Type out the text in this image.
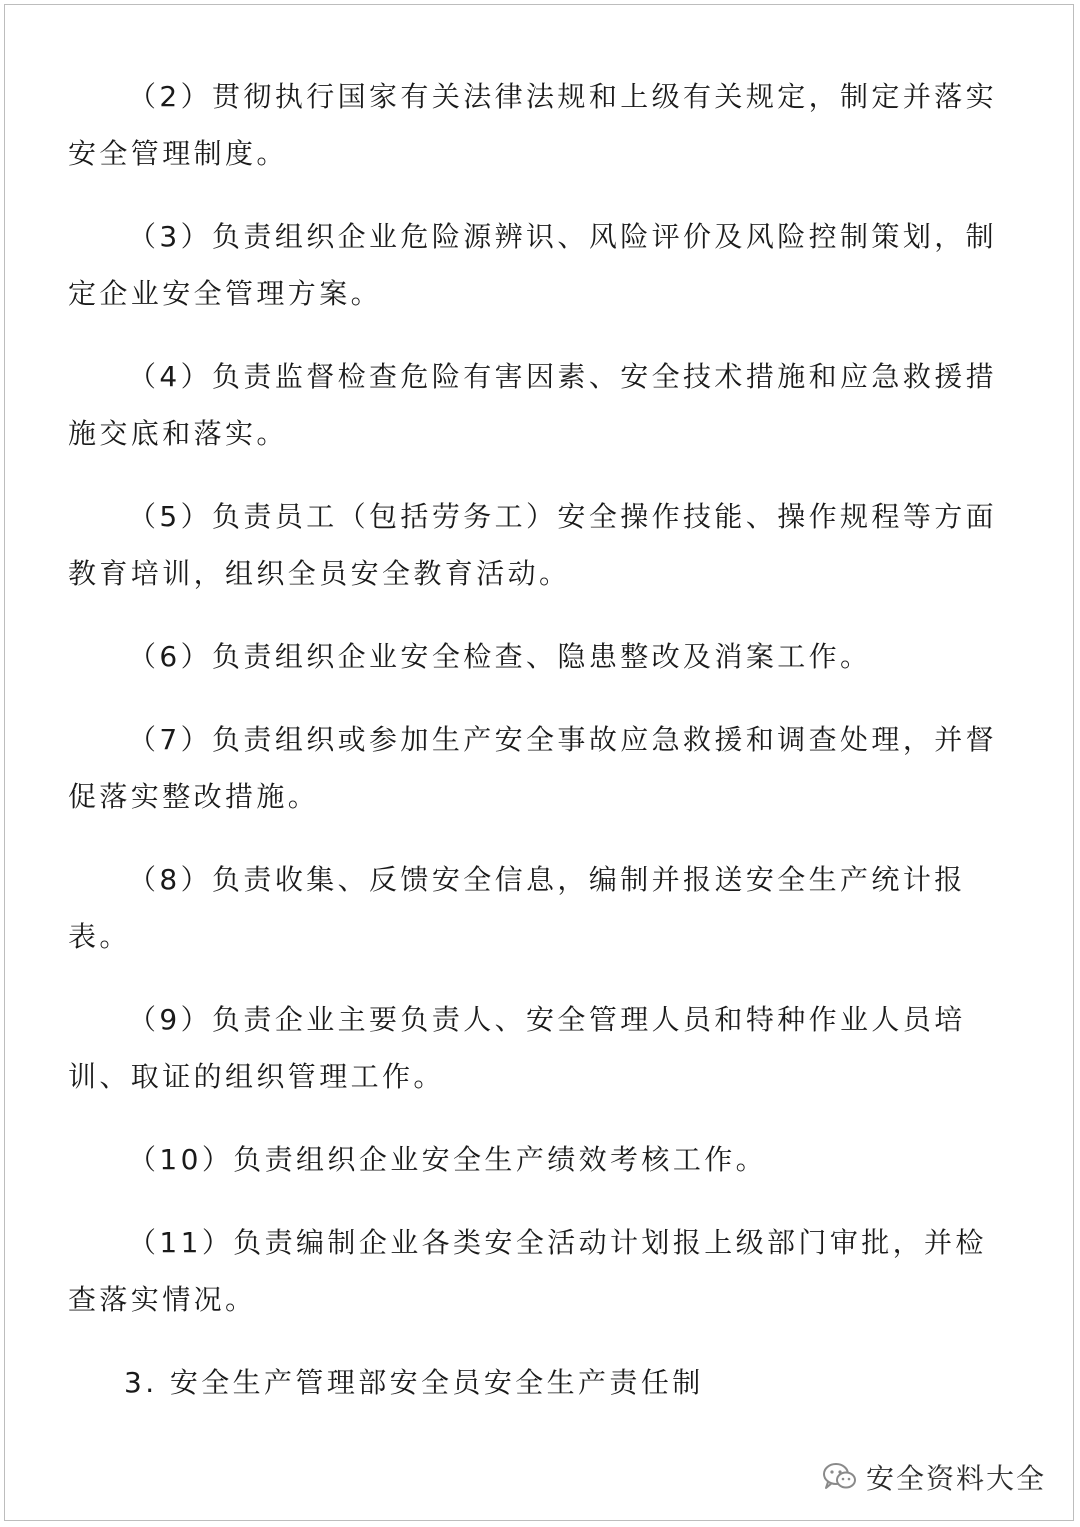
（2）贯彻执行国家有关法律法规和上级有关规定，制定并落实安全管理制度。

（3）负责组织企业危险源辨识、风险评价及风险控制策划，制定企业安全管理方案。

（4）负责监督检查危险有害因素、安全技术措施和应急救援措施交底和落实。

（5）负责员工（包括劳务工）安全操作技能、操作规程等方面教育培训，组织全员安全教育活动。

（6）负责组织企业安全检查、隐患整改及消案工作。

（7）负责组织或参加生产安全事故应急救援和调查处理，并督促落实整改措施。

（8）负责收集、反馈安全信息，编制并报送安全生产统计报表。

（9）负责企业主要负责人、安全管理人员和特种作业人员培训、取证的组织管理工作。

（10）负责组织企业安全生产绩效考核工作。

（11）负责编制企业各类安全活动计划报上级部门审批，并检查落实情况。

3. 安全生产管理部安全员安全生产责任制

安全资料大全
